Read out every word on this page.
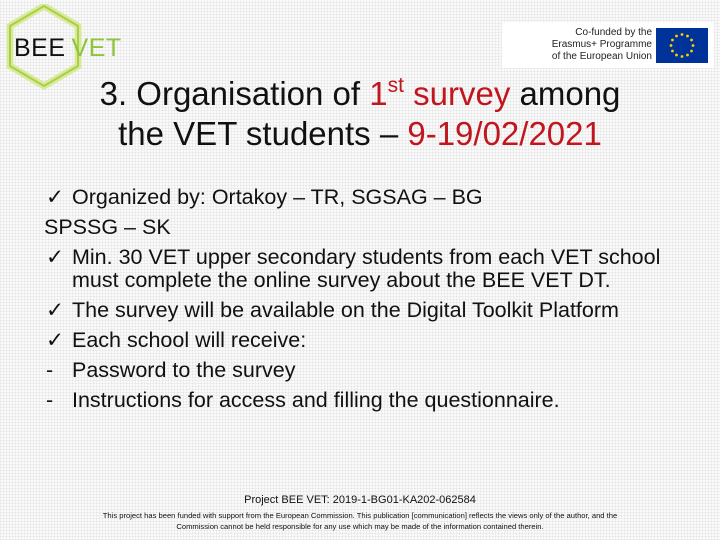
BEE VET
Co-funded by the
Erasmus+ Programme
of the European Union
3. Organisation of 1st survey among
the VET students – 9-19/02/2021
✓ Organized by: Ortakoy – TR, SGSAG – BG
SPSSG – SK
✓ Min. 30 VET upper secondary students from each VET school must complete the online survey about the BEE VET DT.
✓ The survey will be available on the Digital Toolkit Platform
✓ Each school will receive:
- Password to the survey
- Instructions for access and filling the questionnaire.
Project BEE VET: 2019-1-BG01-KA202-062584
This project has been funded with support from the European Commission. This publication [communication] reflects the views only of the author, and the
Commission cannot be held responsible for any use which may be made of the information contained therein.
